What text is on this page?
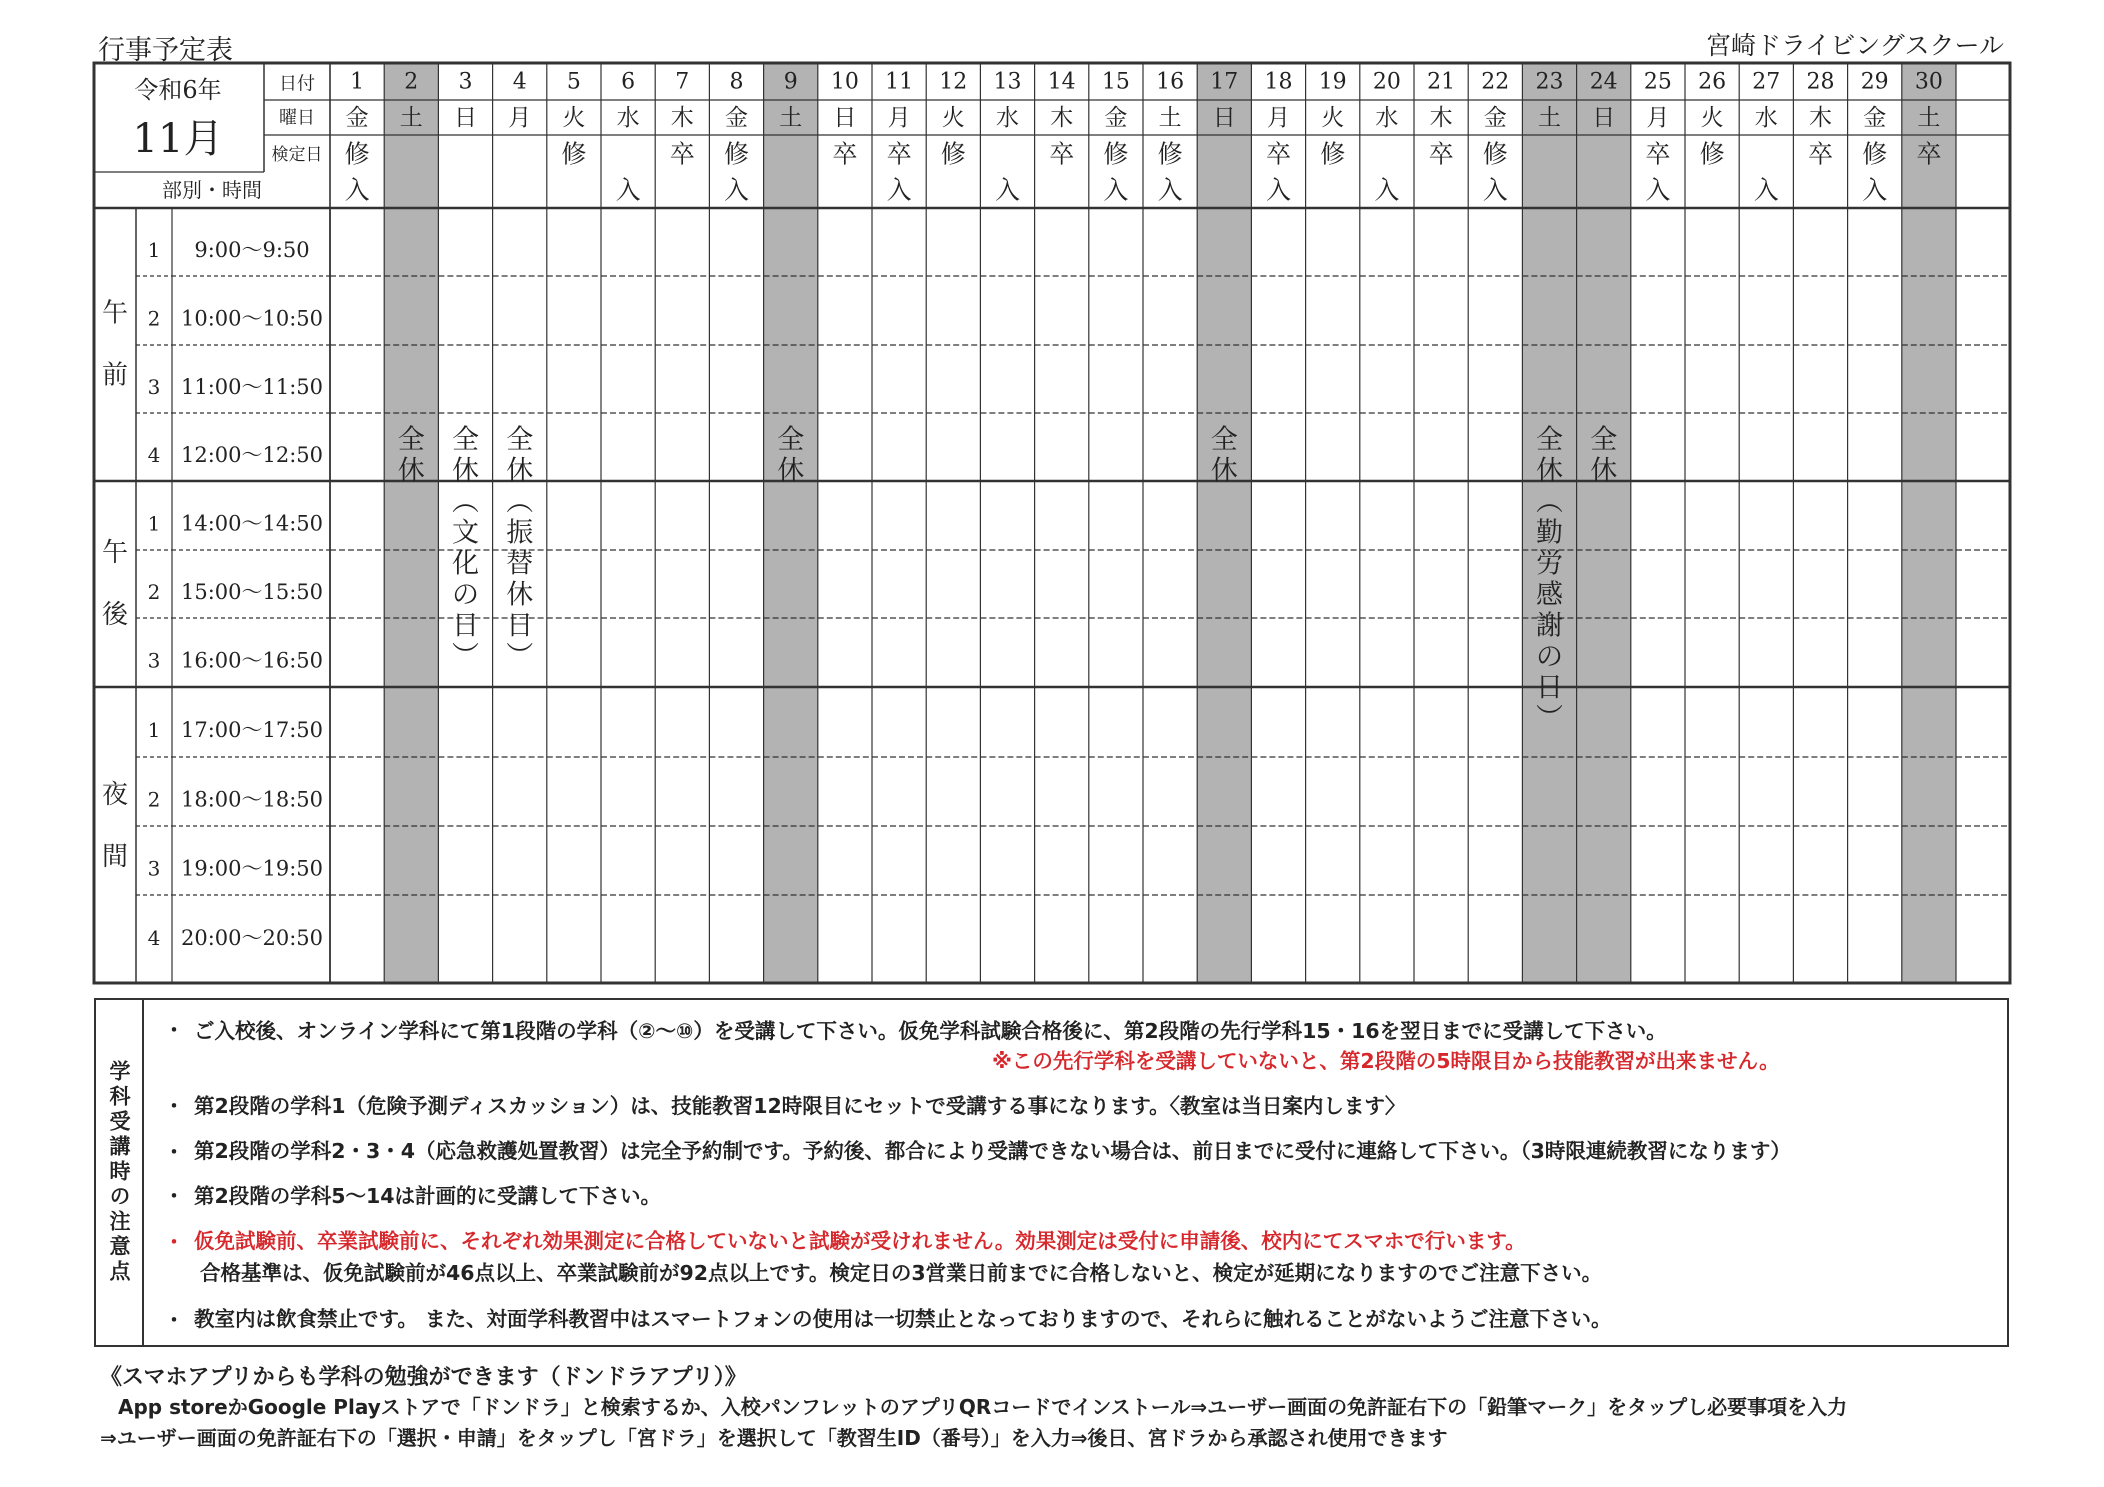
行事予定表	宮崎ドライビングスクール
令和6年
11月
日付
曜日
検定日
部別・時間
1
金
修
入
2
土
3
日
4
月
5
火
修
6
水
入
7
木
卒
8
金
修
入
9
土
10
日
卒
11
月
卒
入
12
火
修
13
水
入
14
木
卒
15
金
修
入
16
土
修
入
17
日
18
月
卒
入
19
火
修
20
水
入
21
木
卒
22
金
修
入
23
土
24
日
25
月
卒
入
26
火
修
27
水
入
28
木
卒
29
金
修
入
30
土
卒
午
前
1 9:00～9:50
2 10:00～10:50
3 11:00～11:50
4 12:00～12:50
午
後
1 14:00～14:50
2 15:00～15:50
3 16:00～16:50
夜
間
1 17:00～17:50
2 18:00～18:50
3 19:00～19:50
4 20:00～20:50
全
休
全
休
︵
文
化
の
日
︶
全
休
︵
振
替
休
日
︶
全
休
全
休
全
休
︵
勤
労
感
謝
の
日
︶
全
休
学科受講時の注意点
・ ご入校後、オンライン学科にて第1段階の学科（②～⑩）を受講して下さい。仮免学科試験合格後に、第2段階の先行学科15・16を翌日までに受講して下さい。
※この先行学科を受講していないと、第2段階の5時限目から技能教習が出来ません。
・ 第2段階の学科1（危険予測ディスカッション）は、技能教習12時限目にセットで受講する事になります。〈教室は当日案内します〉
・ 第2段階の学科2・3・4（応急救護処置教習）は完全予約制です。予約後、都合により受講できない場合は、前日までに受付に連絡して下さい。（3時限連続教習になります）
・ 第2段階の学科5～14は計画的に受講して下さい。
・ 仮免試験前、卒業試験前に、それぞれ効果測定に合格していないと試験が受けれません。効果測定は受付に申請後、校内にてスマホで行います。
合格基準は、仮免試験前が46点以上、卒業試験前が92点以上です。検定日の3営業日前までに合格しないと、検定が延期になりますのでご注意下さい。
・ 教室内は飲食禁止です。 また、対面学科教習中はスマートフォンの使用は一切禁止となっておりますので、それらに触れることがないようご注意下さい。
《スマホアプリからも学科の勉強ができます（ドンドラアプリ）》
App storeかGoogle Playストアで「ドンドラ」と検索するか、入校パンフレットのアプリQRコードでインストール⇒ユーザー画面の免許証右下の「鉛筆マーク」をタップし必要事項を入力
⇒ユーザー画面の免許証右下の「選択・申請」をタップし「宮ドラ」を選択して「教習生ID（番号）」を入力⇒後日、宮ドラから承認され使用できます
